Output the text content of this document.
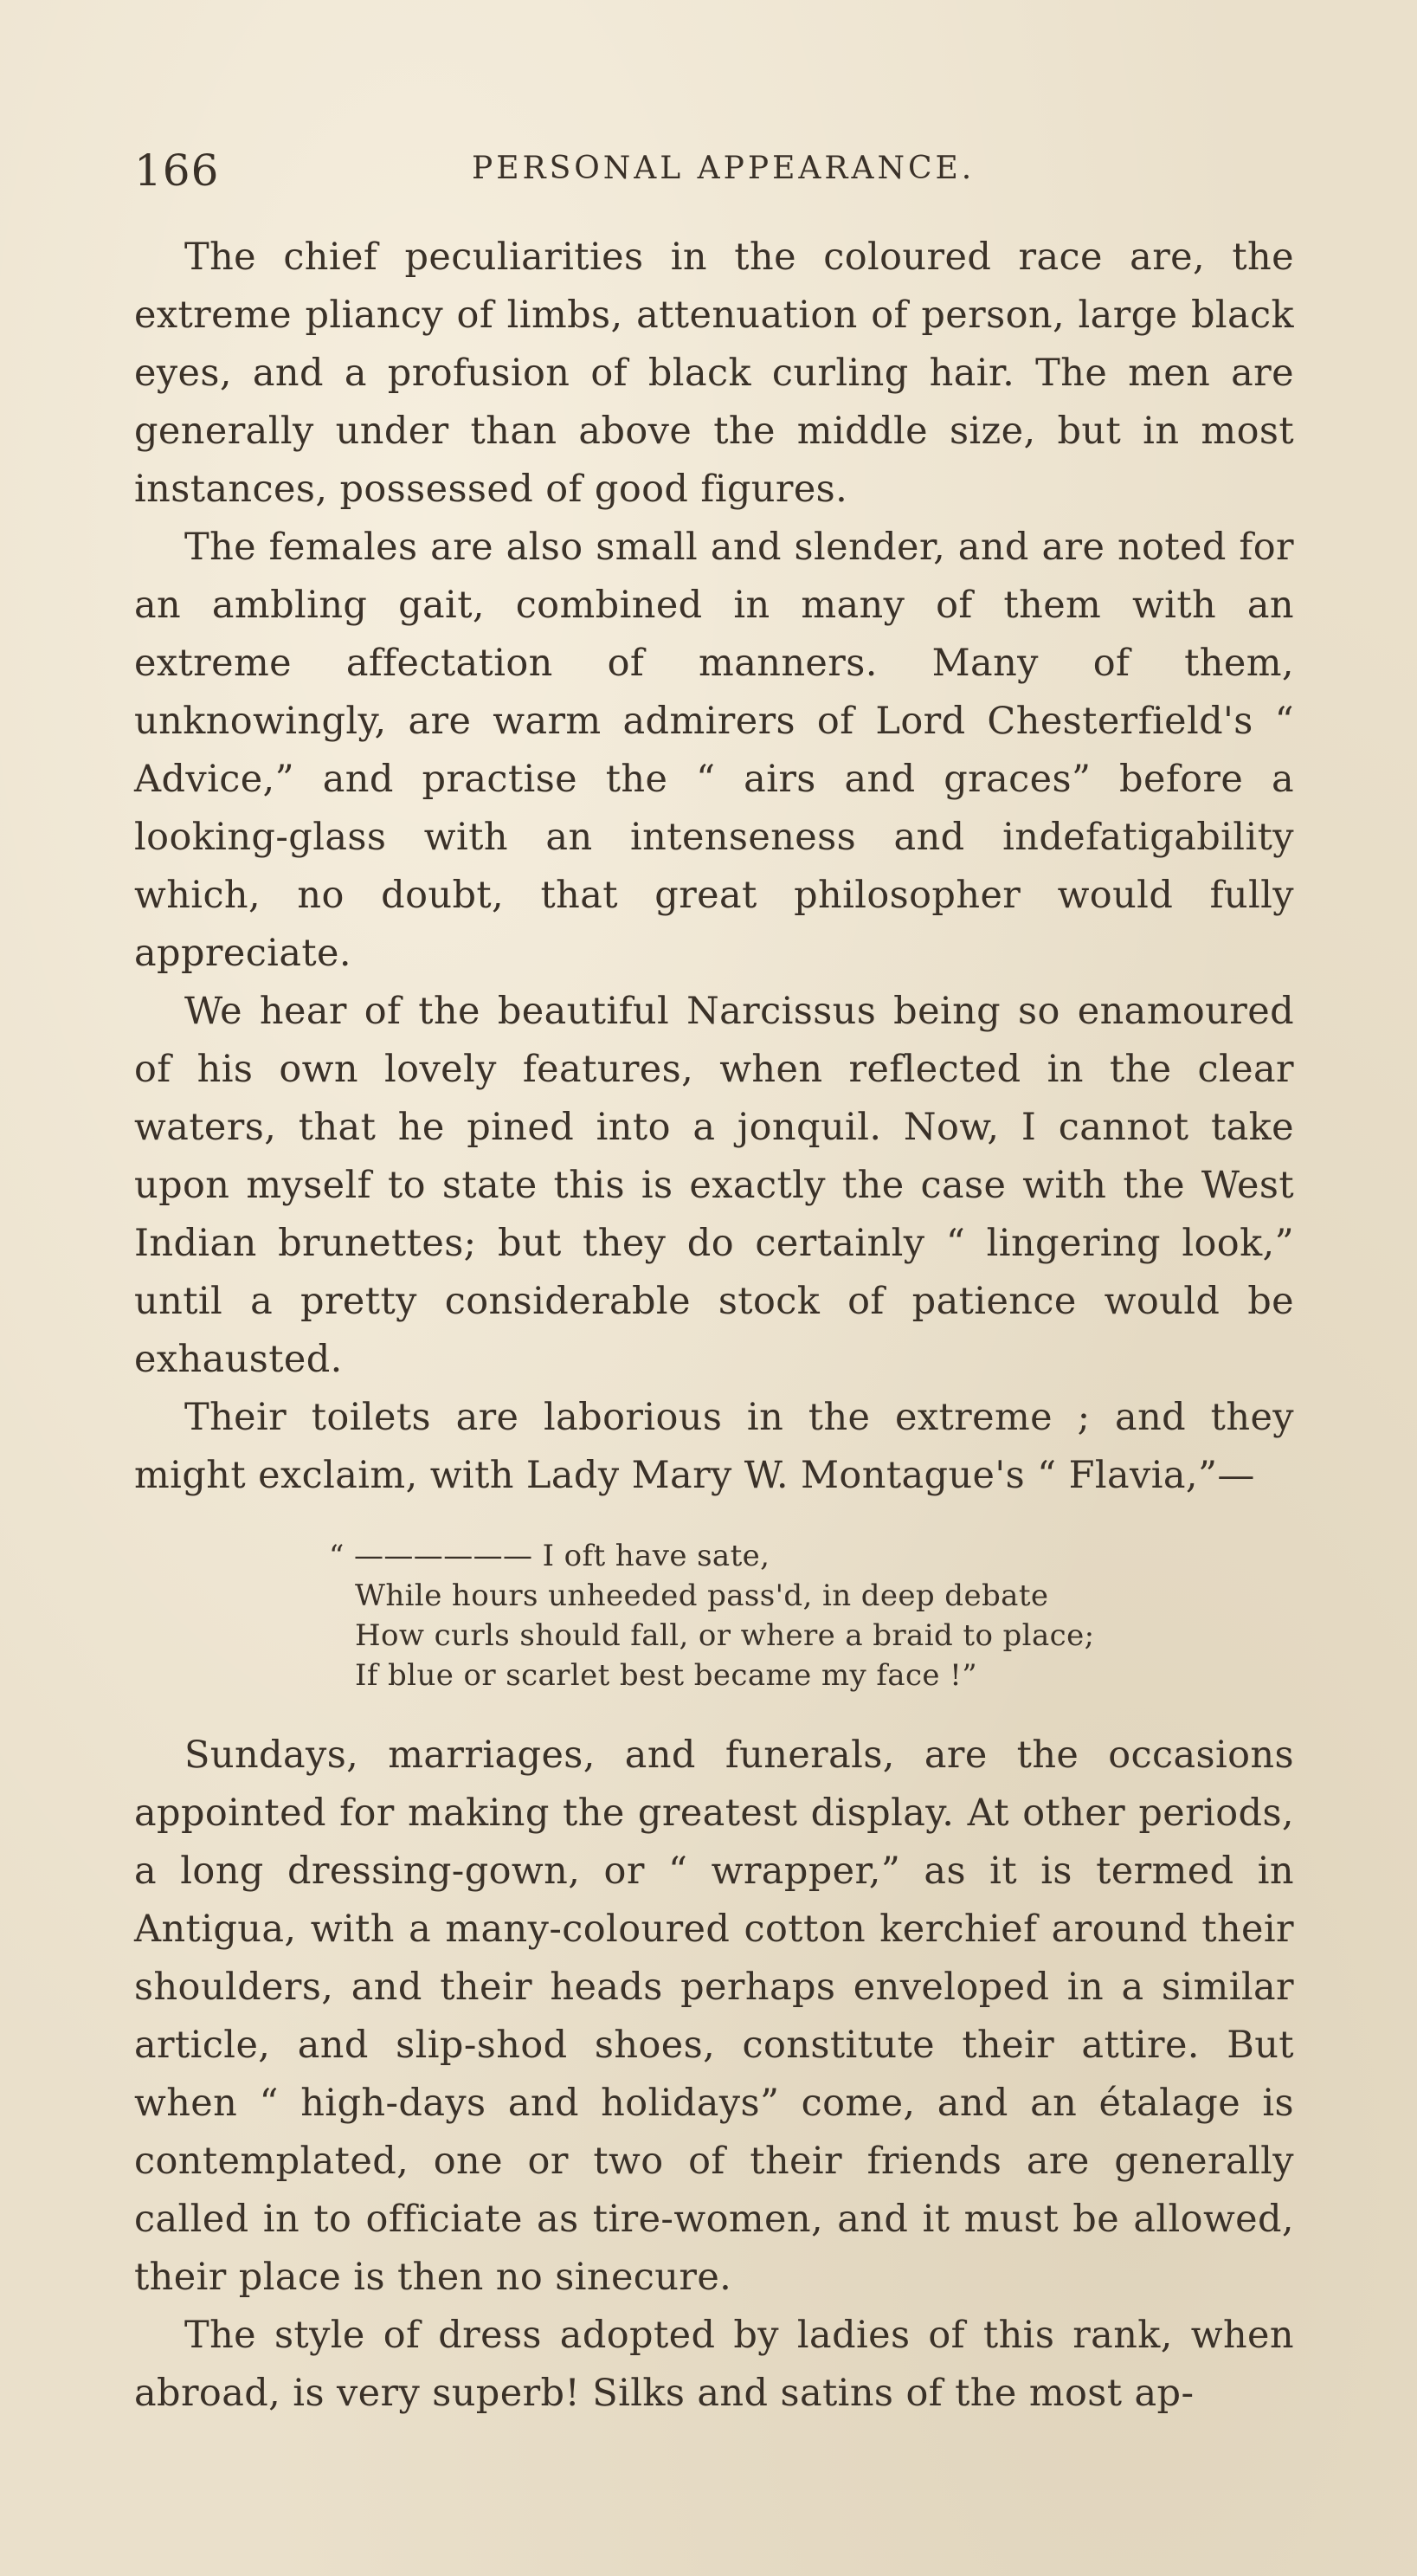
166	PERSONAL APPEARANCE.

The chief peculiarities in the coloured race are, the extreme pliancy of limbs, attenuation of person, large black eyes, and a profusion of black curling hair. The men are generally under than above the middle size, but in most instances, possessed of good figures.

The females are also small and slender, and are noted for an ambling gait, combined in many of them with an extreme affectation of manners. Many of them, unknowingly, are warm admirers of Lord Chesterfield's “ Advice,” and practise the “ airs and graces” before a looking-glass with an intenseness and indefatigability which, no doubt, that great philosopher would fully appreciate.

We hear of the beautiful Narcissus being so enamoured of his own lovely features, when reflected in the clear waters, that he pined into a jonquil. Now, I cannot take upon myself to state this is exactly the case with the West Indian brunettes; but they do certainly “ lingering look,” until a pretty considerable stock of patience would be exhausted.

Their toilets are laborious in the extreme ; and they might exclaim, with Lady Mary W. Montague's “ Flavia,”—

“ —————— I oft have sate,
While hours unheeded pass'd, in deep debate
How curls should fall, or where a braid to place;
If blue or scarlet best became my face !”

Sundays, marriages, and funerals, are the occasions appointed for making the greatest display. At other periods, a long dressing-gown, or “ wrapper,” as it is termed in Antigua, with a many-coloured cotton kerchief around their shoulders, and their heads perhaps enveloped in a similar article, and slip-shod shoes, constitute their attire. But when “ high-days and holidays” come, and an étalage is contemplated, one or two of their friends are generally called in to officiate as tire-women, and it must be allowed, their place is then no sinecure.

The style of dress adopted by ladies of this rank, when abroad, is very superb! Silks and satins of the most ap-
